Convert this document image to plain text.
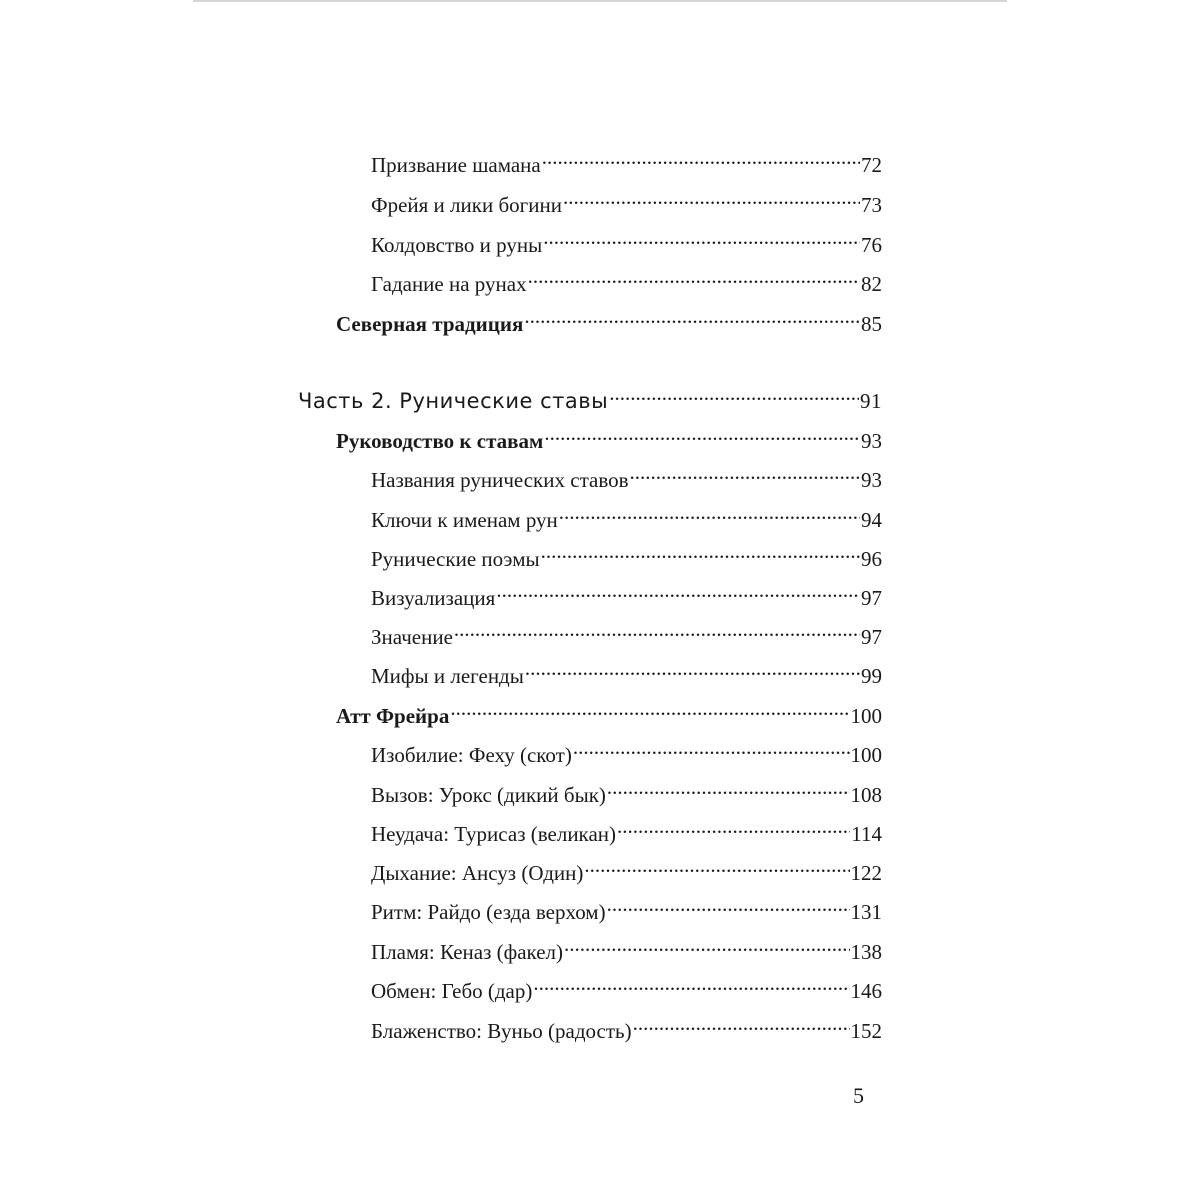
Призвание шамана .....	72
Фрейя и лики богини .....	73
Колдовство и руны .....	76
Гадание на рунах .....	82
Северная традиция .....	85
Часть 2. Рунические ставы .....	91
Руководство к ставам .....	93
Названия рунических ставов .....	93
Ключи к именам рун .....	94
Рунические поэмы .....	96
Визуализация .....	97
Значение .....	97
Мифы и легенды .....	99
Атт Фрейра .....	100
Изобилие: Феху (скот) .....	100
Вызов: Урокс (дикий бык) .....	108
Неудача: Турисаз (великан) .....	114
Дыхание: Ансуз (Один) .....	122
Ритм: Райдо (езда верхом) .....	131
Пламя: Кеназ (факел) .....	138
Обмен: Гебо (дар) .....	146
Блаженство: Вуньо (радость) .....	152
5
